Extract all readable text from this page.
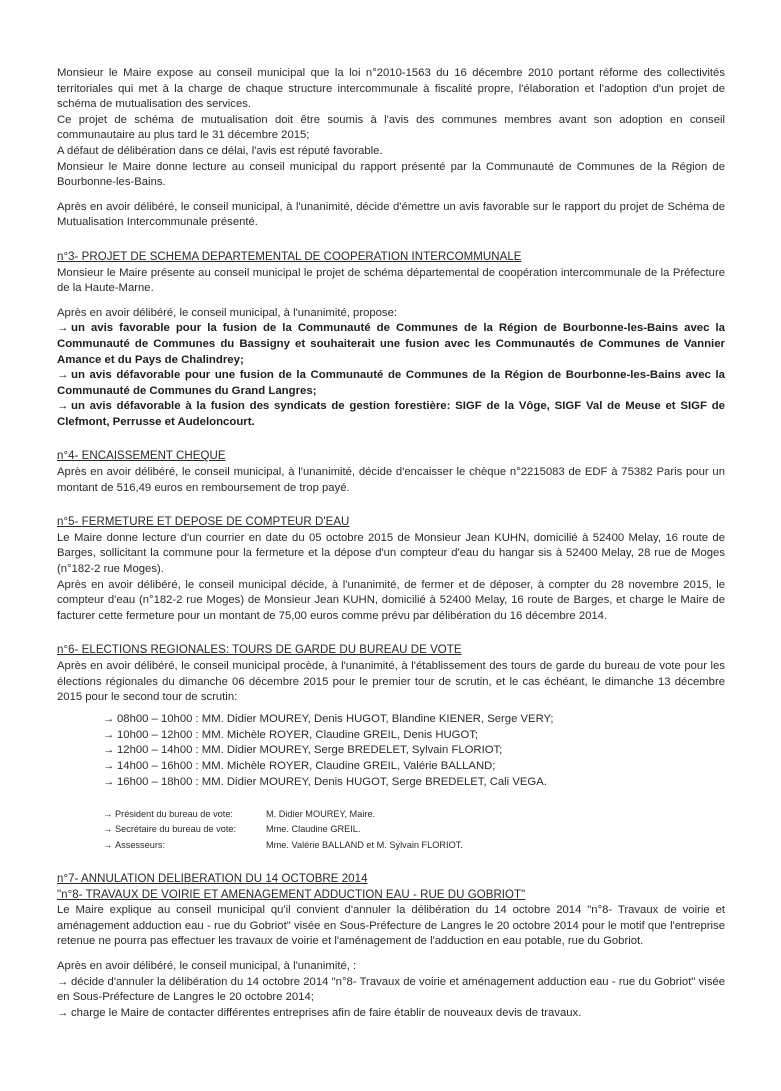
Monsieur le Maire expose au conseil municipal que la loi n°2010-1563 du 16 décembre 2010 portant réforme des collectivités territoriales qui met à la charge de chaque structure intercommunale à fiscalité propre, l'élaboration et l'adoption d'un projet de schéma de mutualisation des services.

Ce projet de schéma de mutualisation doit être soumis à l'avis des communes membres avant son adoption en conseil communautaire au plus tard le 31 décembre 2015;

A défaut de délibération dans ce délai, l'avis est réputé favorable.

Monsieur le Maire donne lecture au conseil municipal du rapport présenté par la Communauté de Communes de la Région de Bourbonne-les-Bains.

Après en avoir délibéré, le conseil municipal, à l'unanimité, décide d'émettre un avis favorable sur le rapport du projet de Schéma de Mutualisation Intercommunale présenté.

n°3- PROJET DE SCHEMA DEPARTEMENTAL DE COOPERATION INTERCOMMUNALE

Monsieur le Maire présente au conseil municipal le projet de schéma départemental de coopération intercommunale de la Préfecture de la Haute-Marne.

Après en avoir délibéré, le conseil municipal, à l'unanimité, propose:

→ un avis favorable pour la fusion de la Communauté de Communes de la Région de Bourbonne-les-Bains avec la Communauté de Communes du Bassigny et souhaiterait une fusion avec les Communautés de Communes de Vannier Amance et du Pays de Chalindrey;

→ un avis défavorable pour une fusion de la Communauté de Communes de la Région de Bourbonne-les-Bains avec la Communauté de Communes du Grand Langres;

→ un avis défavorable à la fusion des syndicats de gestion forestière: SIGF de la Vôge, SIGF Val de Meuse et SIGF de Clefmont, Perrusse et Audeloncourt.

n°4- ENCAISSEMENT CHEQUE

Après en avoir délibéré, le conseil municipal, à l'unanimité, décide d'encaisser le chèque n°2215083 de EDF à 75382 Paris pour un montant de 516,49 euros en remboursement de trop payé.

n°5- FERMETURE ET DEPOSE DE COMPTEUR D'EAU

Le Maire donne lecture d'un courrier en date du 05 octobre 2015 de Monsieur Jean KUHN, domicilié à 52400 Melay, 16 route de Barges, sollicitant la commune pour la fermeture et la dépose d'un compteur d'eau du hangar sis à 52400 Melay, 28 rue de Moges (n°182-2 rue Moges).

Après en avoir délibéré, le conseil municipal décide, à l'unanimité, de fermer et de déposer, à compter du 28 novembre 2015, le compteur d'eau (n°182-2 rue Moges) de Monsieur Jean KUHN, domicilié à 52400 Melay, 16 route de Barges, et charge le Maire de facturer cette fermeture pour un montant de 75,00 euros comme prévu par délibération du 16 décembre 2014.

n°6- ELECTIONS REGIONALES: TOURS DE GARDE DU BUREAU DE VOTE

Après en avoir délibéré, le conseil municipal procède, à l'unanimité, à l'établissement des tours de garde du bureau de vote pour les élections régionales du dimanche 06 décembre 2015 pour le premier tour de scrutin, et le cas échéant, le dimanche 13 décembre 2015 pour le second tour de scrutin:

→ 08h00 – 10h00 : MM. Didier MOUREY, Denis HUGOT, Blandine KIENER, Serge VERY;
→ 10h00 – 12h00 : MM. Michèle ROYER, Claudine GREIL, Denis HUGOT;
→ 12h00 – 14h00 : MM. Didier MOUREY, Serge BREDELET, Sylvain FLORIOT;
→ 14h00 – 16h00 : MM. Michèle ROYER, Claudine GREIL, Valérie BALLAND;
→ 16h00 – 18h00 : MM. Didier MOUREY, Denis HUGOT, Serge BREDELET, Cali VEGA.
→ Président du bureau de vote:	M. Didier MOUREY, Maire.
→ Secrétaire du bureau de vote:	Mme. Claudine GREIL.
→ Assesseurs:	Mme. Valérie BALLAND et M. Sylvain FLORIOT.

n°7- ANNULATION DELIBERATION DU 14 OCTOBRE 2014

"n°8- TRAVAUX DE VOIRIE ET AMENAGEMENT ADDUCTION EAU - RUE DU GOBRIOT"

Le Maire explique au conseil municipal qu'il convient d'annuler la délibération du 14 octobre 2014 "n°8- Travaux de voirie et aménagement adduction eau - rue du Gobriot" visée en Sous-Préfecture de Langres le 20 octobre 2014 pour le motif que l'entreprise retenue ne pourra pas effectuer les travaux de voirie et l'aménagement de l'adduction en eau potable, rue du Gobriot.

Après en avoir délibéré, le conseil municipal, à l'unanimité, :

→ décide d'annuler la délibération du 14 octobre 2014 "n°8- Travaux de voirie et aménagement adduction eau - rue du Gobriot" visée en Sous-Préfecture de Langres le 20 octobre 2014;

→ charge le Maire de contacter différentes entreprises afin de faire établir de nouveaux devis de travaux.
